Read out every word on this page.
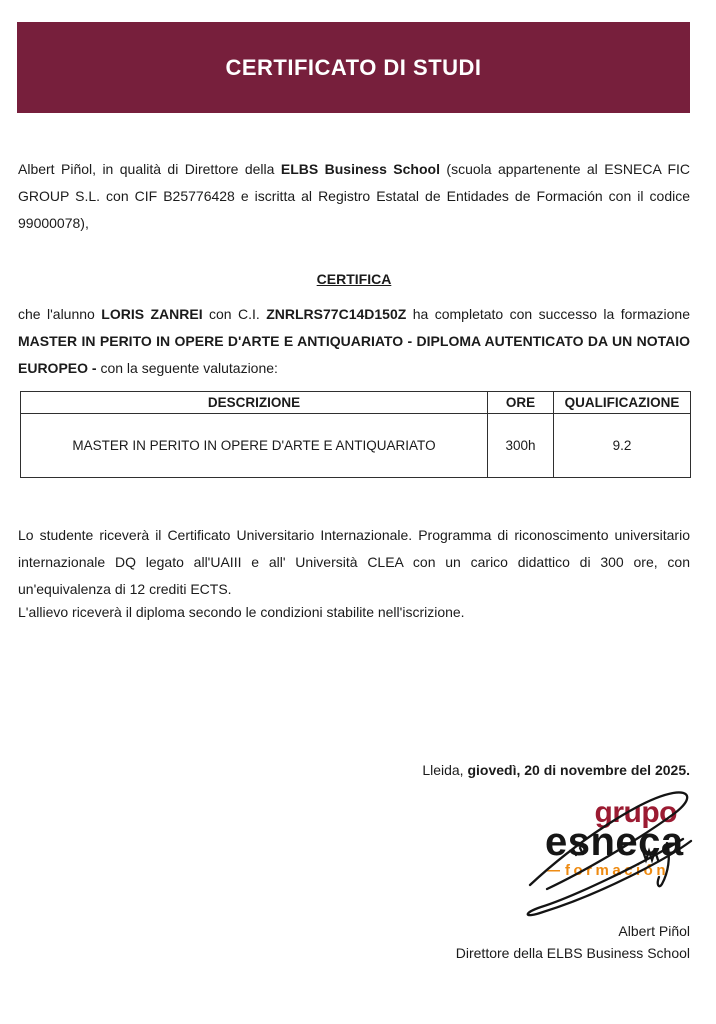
CERTIFICATO DI STUDI

Albert Piñol, in qualità di Direttore della ELBS Business School (scuola appartenente al ESNECA FIC GROUP S.L. con CIF B25776428 e iscritta al Registro Estatal de Entidades de Formación con il codice 99000078),

CERTIFICA

che l'alunno LORIS ZANREI con C.I. ZNRLRS77C14D150Z ha completato con successo la formazione MASTER IN PERITO IN OPERE D'ARTE E ANTIQUARIATO - DIPLOMA AUTENTICATO DA UN NOTAIO EUROPEO - con la seguente valutazione:

DESCRIZIONE	ORE	QUALIFICAZIONE
MASTER IN PERITO IN OPERE D'ARTE E ANTIQUARIATO	300h	9.2

Lo studente riceverà il Certificato Universitario Internazionale. Programma di riconoscimento universitario internazionale DQ legato all'UAIII e all' Università CLEA con un carico didattico di 300 ore, con un'equivalenza di 12 crediti ECTS.

L'allievo riceverà il diploma secondo le condizioni stabilite nell'iscrizione.

Lleida, giovedì, 20 di novembre del 2025.

grupo
esneca
— formación
Albert Piñol
Direttore della ELBS Business School
